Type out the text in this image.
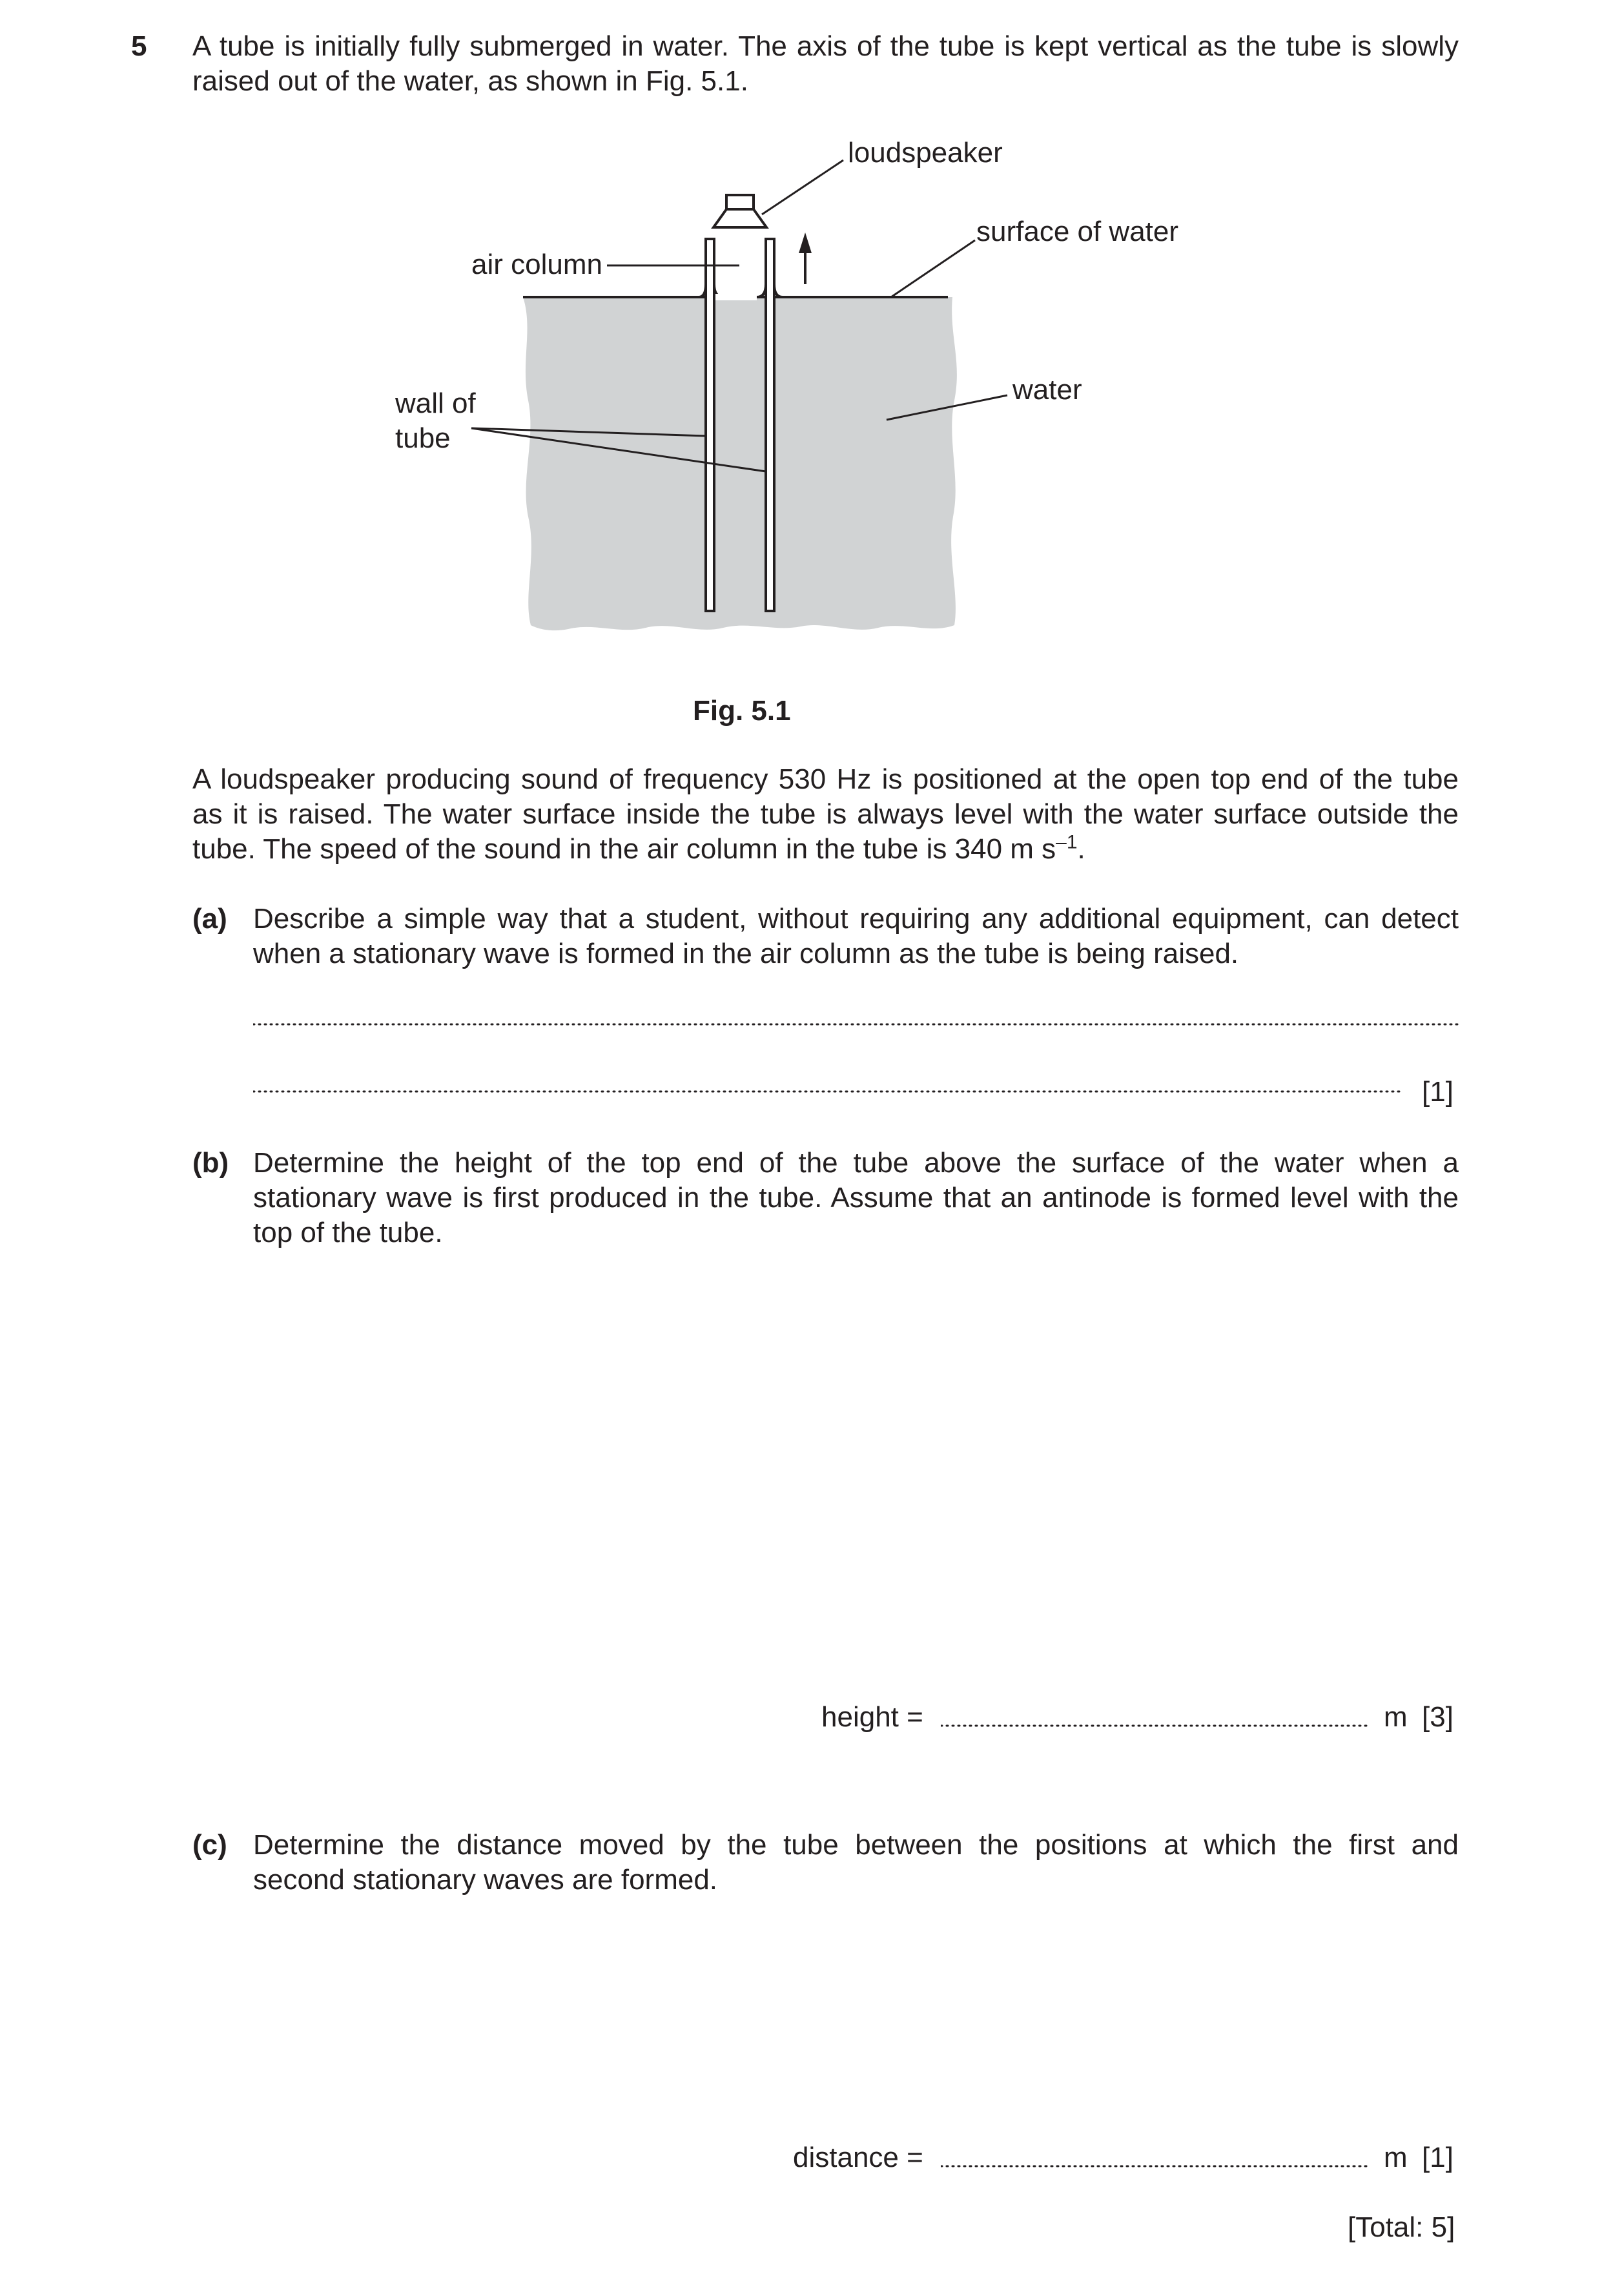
5 A tube is initially fully submerged in water. The axis of the tube is kept vertical as the tube is slowly
raised out of the water, as shown in Fig. 5.1.
loudspeaker
surface of water
air column
water
wall of
tube
Fig. 5.1
A loudspeaker producing sound of frequency 530 Hz is positioned at the open top end of the tube
as it is raised. The water surface inside the tube is always level with the water surface outside the
tube. The speed of the sound in the air column in the tube is 340 m $s^{-1}$.
(a) Describe a simple way that a student, without requiring any additional equipment, can detect
when a stationary wave is formed in the air column as the tube is being raised.
[1]
(b) Determine the height of the top end of the tube above the surface of the water when a
stationary wave is first produced in the tube. Assume that an antinode is formed level with the
top of the tube.
height =	m [3]
(c) Determine the distance moved by the tube between the positions at which the first and
second stationary waves are formed.
distance =	m [1]
[Total: 5]
